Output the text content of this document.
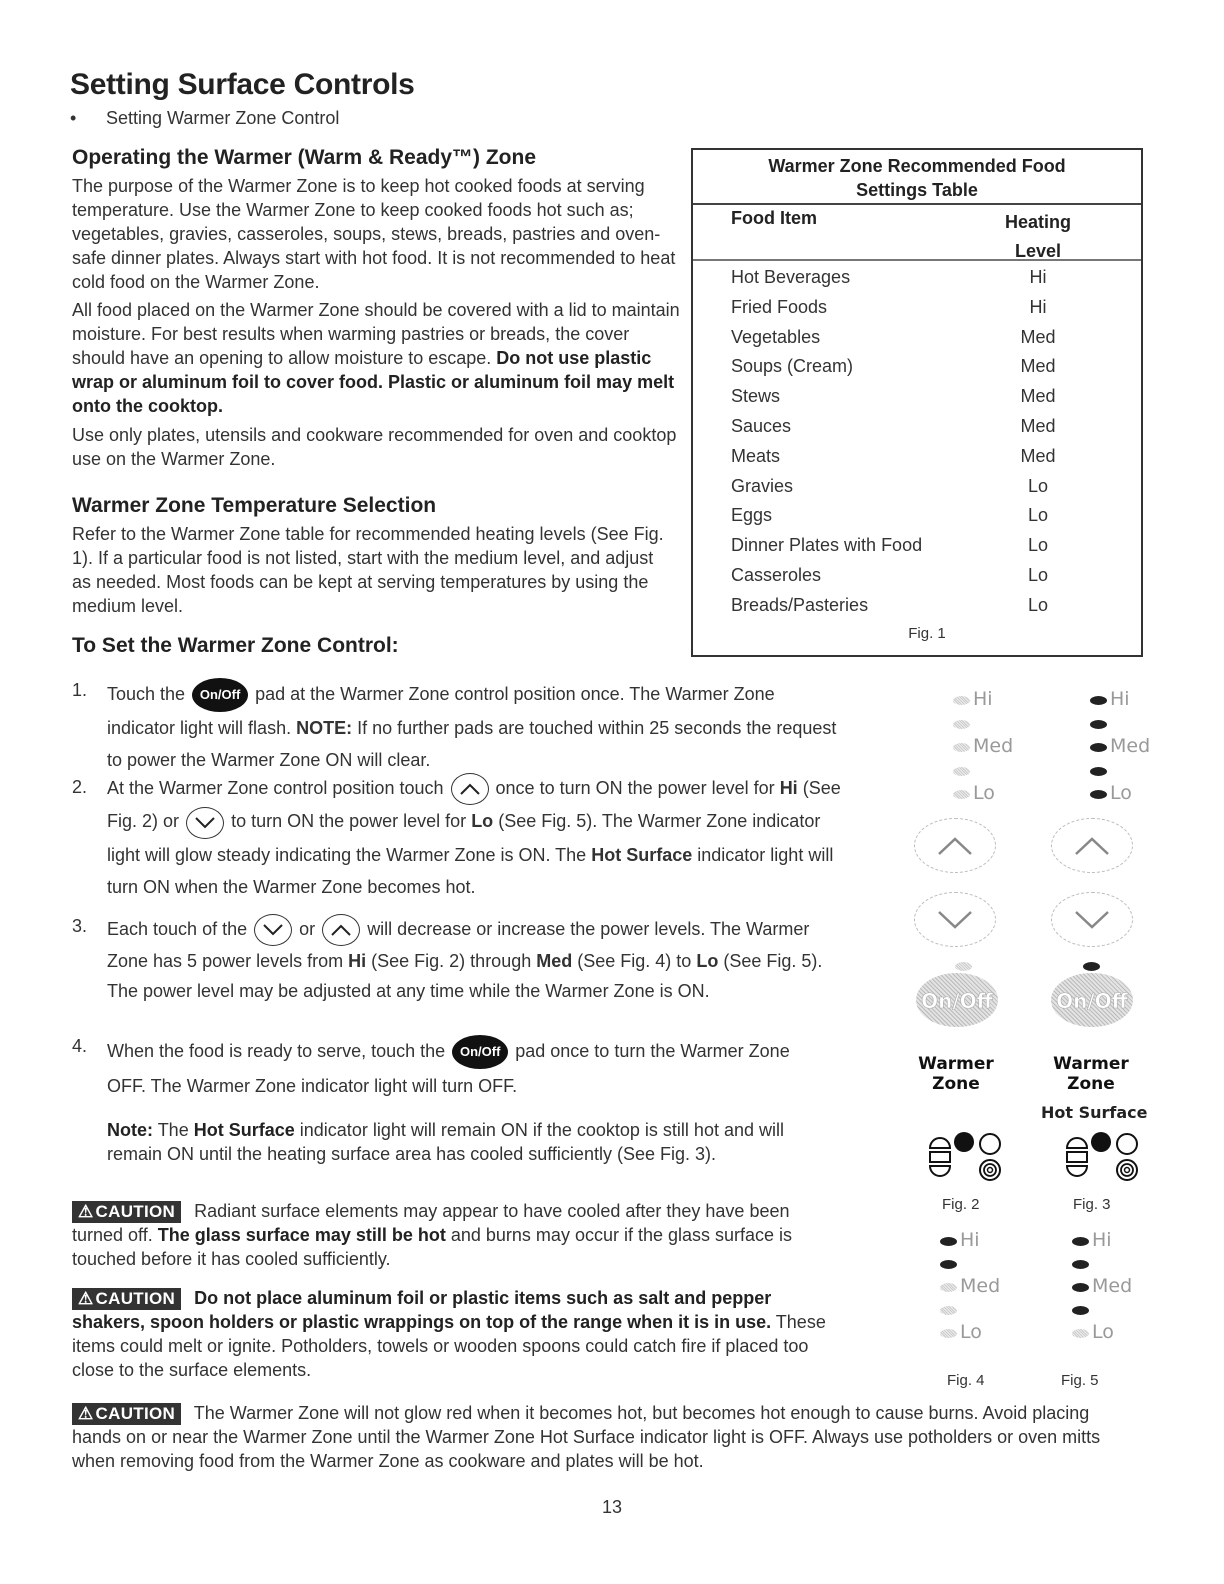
Setting Surface Controls
• Setting Warmer Zone Control
Operating the Warmer (Warm & Ready™) Zone
The purpose of the Warmer Zone is to keep hot cooked foods at serving temperature. Use the Warmer Zone to keep cooked foods hot such as; vegetables, gravies, casseroles, soups, stews, breads, pastries and oven-safe dinner plates. Always start with hot food. It is not recommended to heat cold food on the Warmer Zone.
All food placed on the Warmer Zone should be covered with a lid to maintain moisture. For best results when warming pastries or breads, the cover should have an opening to allow moisture to escape. Do not use plastic wrap or aluminum foil to cover food. Plastic or aluminum foil may melt onto the cooktop.
Use only plates, utensils and cookware recommended for oven and cooktop use on the Warmer Zone.
Warmer Zone Temperature Selection
Refer to the Warmer Zone table for recommended heating levels (See Fig. 1). If a particular food is not listed, start with the medium level, and adjust as needed. Most foods can be kept at serving temperatures by using the medium level.
To Set the Warmer Zone Control:
Warmer Zone Recommended Food
Settings Table
Food Item	Heating
Level
Hot Beverages	Hi
Fried Foods	Hi
Vegetables	Med
Soups (Cream)	Med
Stews	Med
Sauces	Med
Meats	Med
Gravies	Lo
Eggs	Lo
Dinner Plates with Food	Lo
Casseroles	Lo
Breads/Pasteries	Lo
Fig. 1
1. Touch the On/Off pad at the Warmer Zone control position once. The Warmer Zone indicator light will flash. NOTE: If no further pads are touched within 25 seconds the request to power the Warmer Zone ON will clear.
2. At the Warmer Zone control position touch	once to turn ON the power level for Hi (See Fig. 2) or	to turn ON the power level for Lo (See Fig. 5). The Warmer Zone indicator light will glow steady indicating the Warmer Zone is ON. The Hot Surface indicator light will turn ON when the Warmer Zone becomes hot.
3. Each touch of the	or	will decrease or increase the power levels. The Warmer Zone has 5 power levels from Hi (See Fig. 2) through Med (See Fig. 4) to Lo (See Fig. 5). The power level may be adjusted at any time while the Warmer Zone is ON.
4. When the food is ready to serve, touch the On/Off pad once to turn the Warmer Zone OFF. The Warmer Zone indicator light will turn OFF.
Note: The Hot Surface indicator light will remain ON if the cooktop is still hot and will remain ON until the heating surface area has cooled sufficiently (See Fig. 3).
⚠ CAUTION Radiant surface elements may appear to have cooled after they have been turned off. The glass surface may still be hot and burns may occur if the glass surface is touched before it has cooled sufficiently.
⚠ CAUTION Do not place aluminum foil or plastic items such as salt and pepper shakers, spoon holders or plastic wrappings on top of the range when it is in use. These items could melt or ignite. Potholders, towels or wooden spoons could catch fire if placed too close to the surface elements.
⚠ CAUTION The Warmer Zone will not glow red when it becomes hot, but becomes hot enough to cause burns. Avoid placing hands on or near the Warmer Zone until the Warmer Zone Hot Surface indicator light is OFF. Always use potholders or oven mitts when removing food from the Warmer Zone as cookware and plates will be hot.
13
Hi
Med
Lo
Hi
Med
Lo
On/Off	On/Off
Warmer
Zone
Warmer
Zone
Hot Surface
Fig. 2	Fig. 3
Hi
Med
Lo
Hi
Med
Lo
Fig. 4	Fig. 5
